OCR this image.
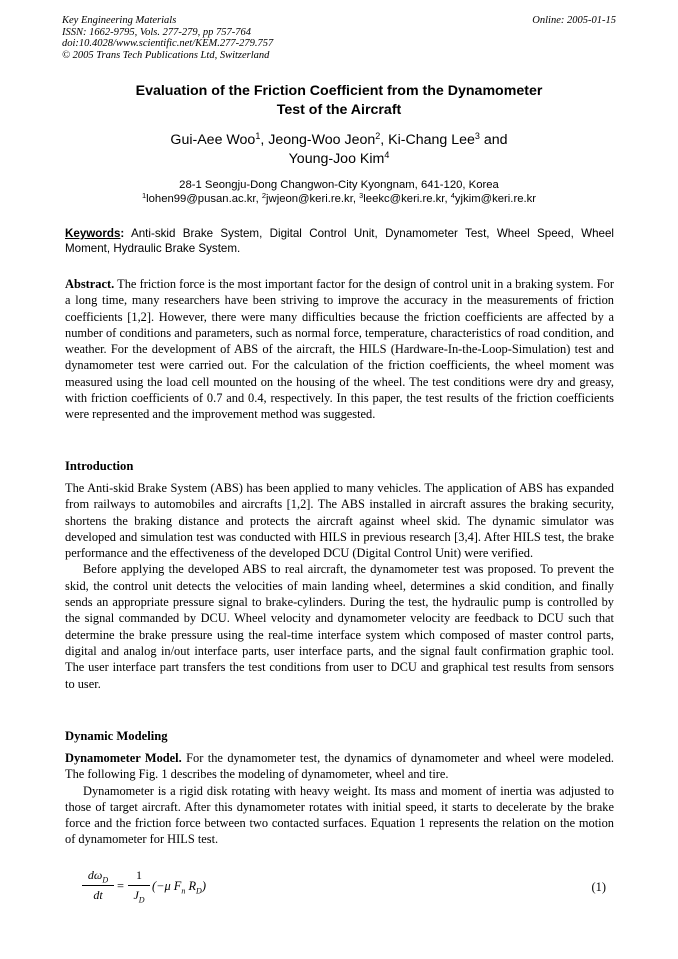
Key Engineering Materials
ISSN: 1662-9795, Vols. 277-279, pp 757-764
doi:10.4028/www.scientific.net/KEM.277-279.757
© 2005 Trans Tech Publications Ltd, Switzerland
Online: 2005-01-15
Evaluation of the Friction Coefficient from the Dynamometer
Test of the Aircraft
Gui-Aee Woo$^1$, Jeong-Woo Jeon$^2$, Ki-Chang Lee$^3$ and
Young-Joo Kim$^4$
28-1 Seongju-Dong Changwon-City Kyongnam, 641-120, Korea
$^1$lohen99@pusan.ac.kr, $^2$jwjeon@keri.re.kr, $^3$leekc@keri.re.kr, $^4$yjkim@keri.re.kr
Keywords: Anti-skid Brake System, Digital Control Unit, Dynamometer Test, Wheel Speed, Wheel Moment, Hydraulic Brake System.

Abstract. The friction force is the most important factor for the design of control unit in a braking system. For a long time, many researchers have been striving to improve the accuracy in the measurements of friction coefficients [1,2]. However, there were many difficulties because the friction coefficients are affected by a number of conditions and parameters, such as normal force, temperature, characteristics of road condition, and weather. For the development of ABS of the aircraft, the HILS (Hardware-In-the-Loop-Simulation) test and dynamometer test were carried out. For the calculation of the friction coefficients, the wheel moment was measured using the load cell mounted on the housing of the wheel. The test conditions were dry and greasy, with friction coefficients of 0.7 and 0.4, respectively. In this paper, the test results of the friction coefficients were represented and the improvement method was suggested.

Introduction

The Anti-skid Brake System (ABS) has been applied to many vehicles. The application of ABS has expanded from railways to automobiles and aircrafts [1,2]. The ABS installed in aircraft assures the braking security, shortens the braking distance and protects the aircraft against wheel skid. The dynamic simulator was developed and simulation test was conducted with HILS in previous research [3,4]. After HILS test, the brake performance and the effectiveness of the developed DCU (Digital Control Unit) were verified.

Before applying the developed ABS to real aircraft, the dynamometer test was proposed. To prevent the skid, the control unit detects the velocities of main landing wheel, determines a skid condition, and finally sends an appropriate pressure signal to brake-cylinders. During the test, the hydraulic pump is controlled by the signal commanded by DCU. Wheel velocity and dynamometer velocity are feedback to DCU such that determine the brake pressure using the real-time interface system which composed of master control parts, digital and analog in/out interface parts, user interface parts, and the signal fault confirmation graphic tool. The user interface part transfers the test conditions from user to DCU and graphical test results from sensors to user.

Dynamic Modeling

Dynamometer Model. For the dynamometer test, the dynamics of dynamometer and wheel were modeled. The following Fig. 1 describes the modeling of dynamometer, wheel and tire.

Dynamometer is a rigid disk rotating with heavy weight. Its mass and moment of inertia was adjusted to those of target aircraft. After this dynamometer rotates with initial speed, it starts to decelerate by the brake force and the friction force between two contacted surfaces. Equation 1 represents the relation on the motion of dynamometer for HILS test.

$d\omega_D$
dt
=
1
$J_D$
(−μ $F_n$ $R_D$)	(1)
